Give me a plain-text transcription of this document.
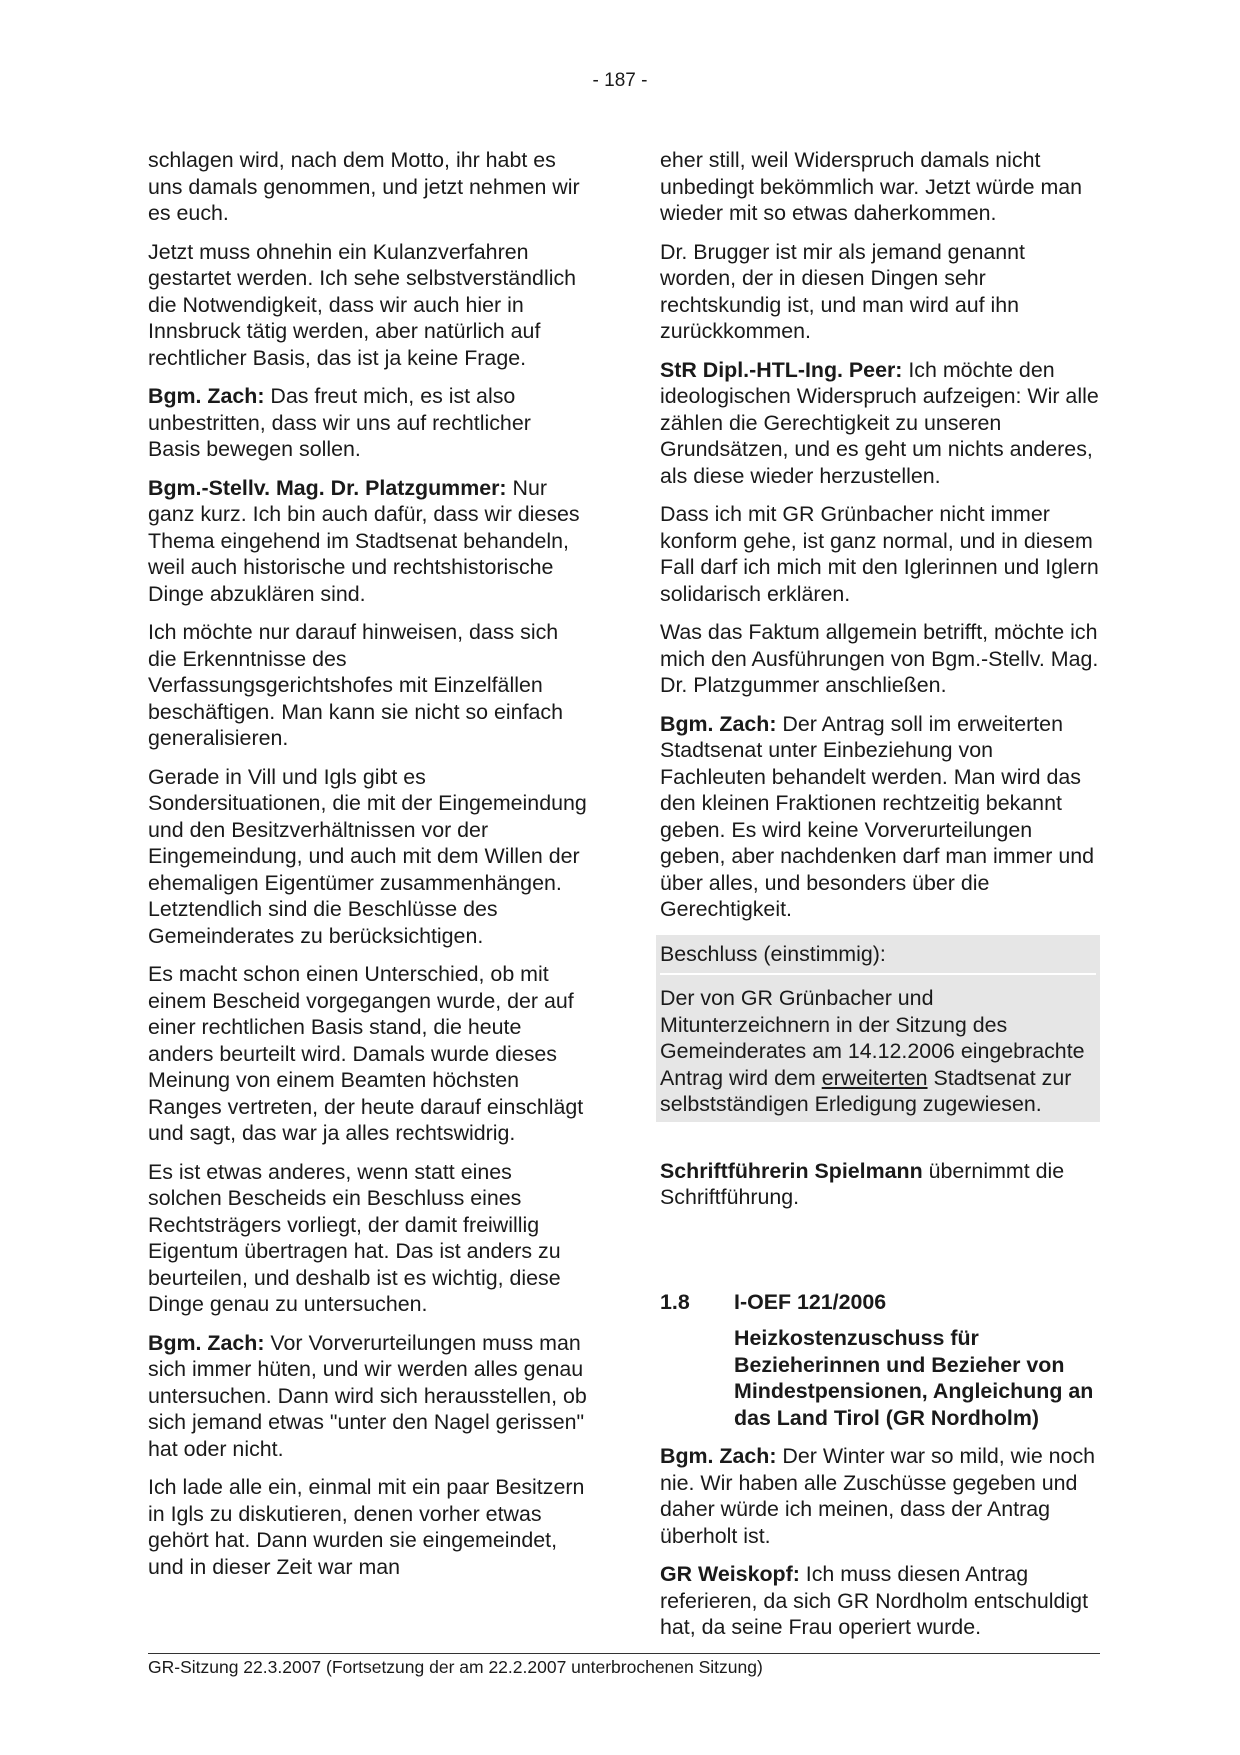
- 187 -

schlagen wird, nach dem Motto, ihr habt es uns damals genommen, und jetzt nehmen wir es euch.

Jetzt muss ohnehin ein Kulanzverfahren gestartet werden. Ich sehe selbstverständlich die Notwendigkeit, dass wir auch hier in Innsbruck tätig werden, aber natürlich auf rechtlicher Basis, das ist ja keine Frage.

Bgm. Zach: Das freut mich, es ist also unbestritten, dass wir uns auf rechtlicher Basis bewegen sollen.

Bgm.-Stellv. Mag. Dr. Platzgummer: Nur ganz kurz. Ich bin auch dafür, dass wir dieses Thema eingehend im Stadtsenat behandeln, weil auch historische und rechtshistorische Dinge abzuklären sind.

Ich möchte nur darauf hinweisen, dass sich die Erkenntnisse des Verfassungsgerichtshofes mit Einzelfällen beschäftigen. Man kann sie nicht so einfach generalisieren.

Gerade in Vill und Igls gibt es Sondersituationen, die mit der Eingemeindung und den Besitzverhältnissen vor der Eingemeindung, und auch mit dem Willen der ehemaligen Eigentümer zusammenhängen. Letztendlich sind die Beschlüsse des Gemeinderates zu berücksichtigen.

Es macht schon einen Unterschied, ob mit einem Bescheid vorgegangen wurde, der auf einer rechtlichen Basis stand, die heute anders beurteilt wird. Damals wurde dieses Meinung von einem Beamten höchsten Ranges vertreten, der heute darauf einschlägt und sagt, das war ja alles rechtswidrig.

Es ist etwas anderes, wenn statt eines solchen Bescheids ein Beschluss eines Rechtsträgers vorliegt, der damit freiwillig Eigentum übertragen hat. Das ist anders zu beurteilen, und deshalb ist es wichtig, diese Dinge genau zu untersuchen.

Bgm. Zach: Vor Vorverurteilungen muss man sich immer hüten, und wir werden alles genau untersuchen. Dann wird sich herausstellen, ob sich jemand etwas "unter den Nagel gerissen" hat oder nicht.

Ich lade alle ein, einmal mit ein paar Besitzern in Igls zu diskutieren, denen vorher etwas gehört hat. Dann wurden sie eingemeindet, und in dieser Zeit war man

eher still, weil Widerspruch damals nicht unbedingt bekömmlich war. Jetzt würde man wieder mit so etwas daherkommen.

Dr. Brugger ist mir als jemand genannt worden, der in diesen Dingen sehr rechtskundig ist, und man wird auf ihn zurückkommen.

StR Dipl.-HTL-Ing. Peer: Ich möchte den ideologischen Widerspruch aufzeigen: Wir alle zählen die Gerechtigkeit zu unseren Grundsätzen, und es geht um nichts anderes, als diese wieder herzustellen.

Dass ich mit GR Grünbacher nicht immer konform gehe, ist ganz normal, und in diesem Fall darf ich mich mit den Iglerinnen und Iglern solidarisch erklären.

Was das Faktum allgemein betrifft, möchte ich mich den Ausführungen von Bgm.-Stellv. Mag. Dr. Platzgummer anschließen.

Bgm. Zach: Der Antrag soll im erweiterten Stadtsenat unter Einbeziehung von Fachleuten behandelt werden. Man wird das den kleinen Fraktionen rechtzeitig bekannt geben. Es wird keine Vorverurteilungen geben, aber nachdenken darf man immer und über alles, und besonders über die Gerechtigkeit.

Beschluss (einstimmig):

Der von GR Grünbacher und Mitunterzeichnern in der Sitzung des Gemeinderates am 14.12.2006 eingebrachte Antrag wird dem erweiterten Stadtsenat zur selbstständigen Erledigung zugewiesen.

Schriftführerin Spielmann übernimmt die Schriftführung.

1.8	I-OEF 121/2006
Heizkostenzuschuss für Bezieherinnen und Bezieher von Mindestpensionen, Angleichung an das Land Tirol (GR Nordholm)

Bgm. Zach: Der Winter war so mild, wie noch nie. Wir haben alle Zuschüsse gegeben und daher würde ich meinen, dass der Antrag überholt ist.

GR Weiskopf: Ich muss diesen Antrag referieren, da sich GR Nordholm entschuldigt hat, da seine Frau operiert wurde.

GR-Sitzung 22.3.2007 (Fortsetzung der am 22.2.2007 unterbrochenen Sitzung)
